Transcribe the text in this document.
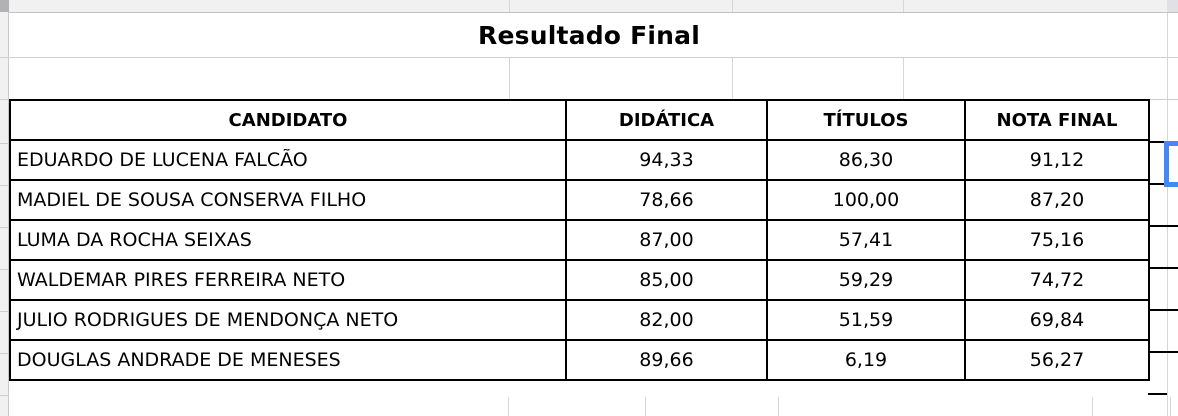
Resultado Final
CANDIDATO	DIDÁTICA	TÍTULOS	NOTA FINAL
EDUARDO DE LUCENA FALCÃO	94,33	86,30	91,12
MADIEL DE SOUSA CONSERVA FILHO	78,66	100,00	87,20
LUMA DA ROCHA SEIXAS	87,00	57,41	75,16
WALDEMAR PIRES FERREIRA NETO	85,00	59,29	74,72
JULIO RODRIGUES DE MENDONÇA NETO	82,00	51,59	69,84
DOUGLAS ANDRADE DE MENESES	89,66	6,19	56,27
